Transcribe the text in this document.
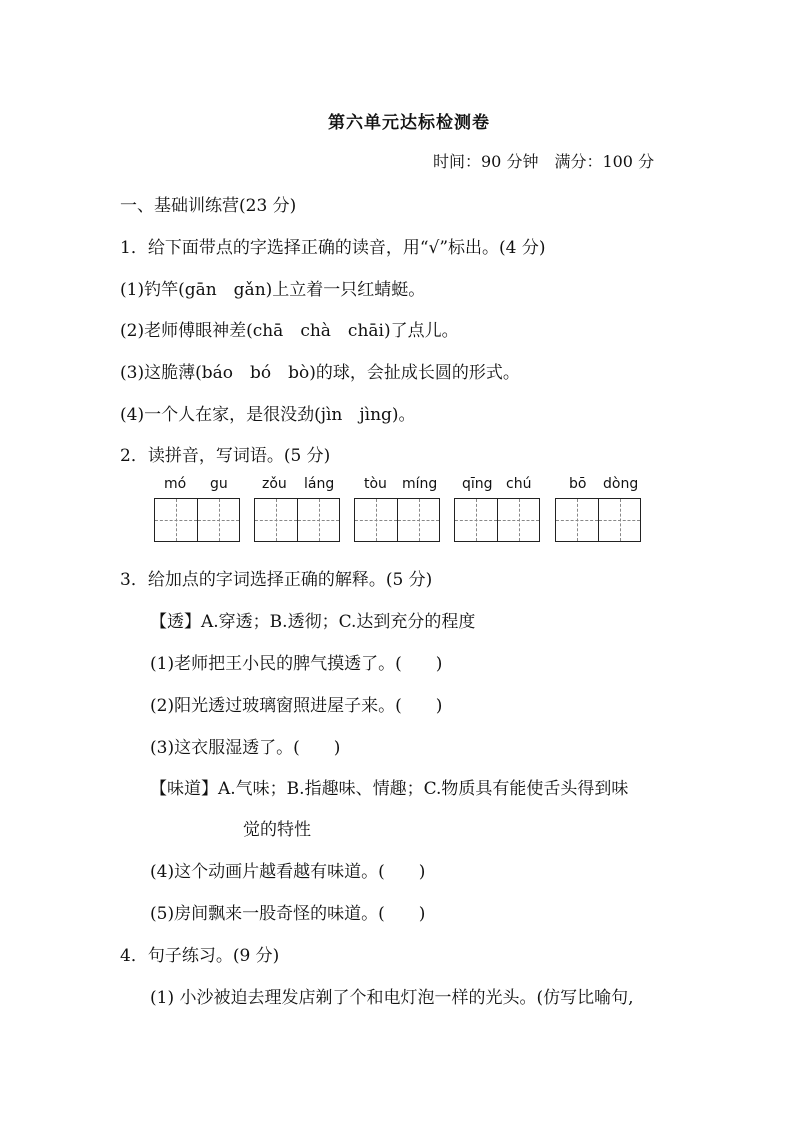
第六单元达标检测卷
时间：90 分钟　满分：100 分
一、基础训练营(23 分)
1．给下面带点的字选择正确的读音，用“√”标出。(4 分)
(1)钓竿(gān　gǎn)上立着一只红蜻蜓。
(2)老师傅眼神差(chā　chà　chāi)了点儿。
(3)这脆薄(báo　bó　bò)的球，会扯成长圆的形式。
(4)一个人在家，是很没劲(jìn　jìng)。
2．读拼音，写词语。(5 分)
mó gu zǒu láng tòu míng qīng chú	bō dòng
3．给加点的字词选择正确的解释。(5 分)
【透】A.穿透；B.透彻；C.达到充分的程度
(1)老师把王小民的脾气摸透了。(　　)
(2)阳光透过玻璃窗照进屋子来。(　　)
(3)这衣服湿透了。(　　)
【味道】A.气味；B.指趣味、情趣；C.物质具有能使舌头得到味
觉的特性
(4)这个动画片越看越有味道。(　　)
(5)房间飘来一股奇怪的味道。(　　)
4．句子练习。(9 分)
(1) 小沙被迫去理发店剃了个和电灯泡一样的光头。(仿写比喻句,
